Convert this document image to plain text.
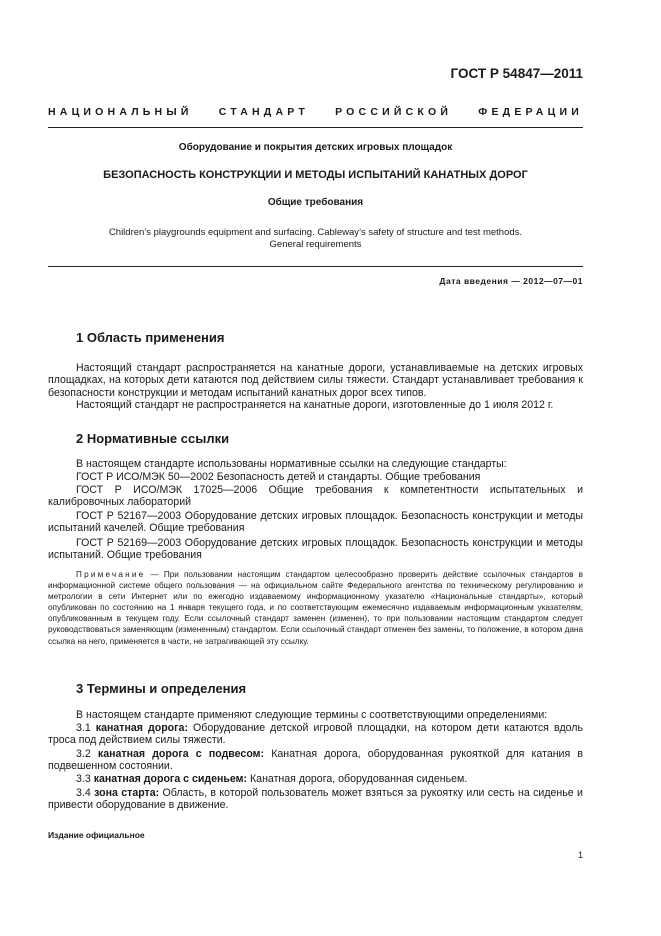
ГОСТ Р 54847—2011
НАЦИОНАЛЬНЫЙ СТАНДАРТ РОССИЙСКОЙ ФЕДЕРАЦИИ
Оборудование и покрытия детских игровых площадок
БЕЗОПАСНОСТЬ КОНСТРУКЦИИ И МЕТОДЫ ИСПЫТАНИЙ КАНАТНЫХ ДОРОГ
Общие требования
Children’s playgrounds equipment and surfacing. Cableway’s safety of structure and test methods.
General requirements
Дата введения — 2012—07—01
1 Область применения
Настоящий стандарт распространяется на канатные дороги, устанавливаемые на детских игровых площадках, на которых дети катаются под действием силы тяжести. Стандарт устанавливает требования к безопасности конструкции и методам испытаний канатных дорог всех типов.
Настоящий стандарт не распространяется на канатные дороги, изготовленные до 1 июля 2012 г.
2 Нормативные ссылки
В настоящем стандарте использованы нормативные ссылки на следующие стандарты:
ГОСТ Р ИСО/МЭК 50—2002 Безопасность детей и стандарты. Общие требования
ГОСТ Р ИСО/МЭК 17025—2006 Общие требования к компетентности испытательных и калибровочных лабораторий
ГОСТ Р 52167—2003 Оборудование детских игровых площадок. Безопасность конструкции и методы испытаний качелей. Общие требования
ГОСТ Р 52169—2003 Оборудование детских игровых площадок. Безопасность конструкции и методы испытаний. Общие требования
Примечание — При пользовании настоящим стандартом целесообразно проверить действие ссылочных стандартов в информационной системе общего пользования — на официальном сайте Федерального агентства по техническому регулированию и метрологии в сети Интернет или по ежегодно издаваемому информационному указателю «Национальные стандарты», который опубликован по состоянию на 1 января текущего года, и по соответствующим ежемесячно издаваемым информационным указателям, опубликованным в текущем году. Если ссылочный стандарт заменен (изменен), то при пользовании настоящим стандартом следует руководствоваться заменяющим (измененным) стандартом. Если ссылочный стандарт отменен без замены, то положение, в котором дана ссылка на него, применяется в части, не затрагивающей эту ссылку.
3 Термины и определения
В настоящем стандарте применяют следующие термины с соответствующими определениями:
3.1 канатная дорога: Оборудование детской игровой площадки, на котором дети катаются вдоль троса под действием силы тяжести.
3.2 канатная дорога с подвесом: Канатная дорога, оборудованная рукояткой для катания в подвешенном состоянии.
3.3 канатная дорога с сиденьем: Канатная дорога, оборудованная сиденьем.
3.4 зона старта: Область, в которой пользователь может взяться за рукоятку или сесть на сиденье и привести оборудование в движение.
Издание официальное
1
